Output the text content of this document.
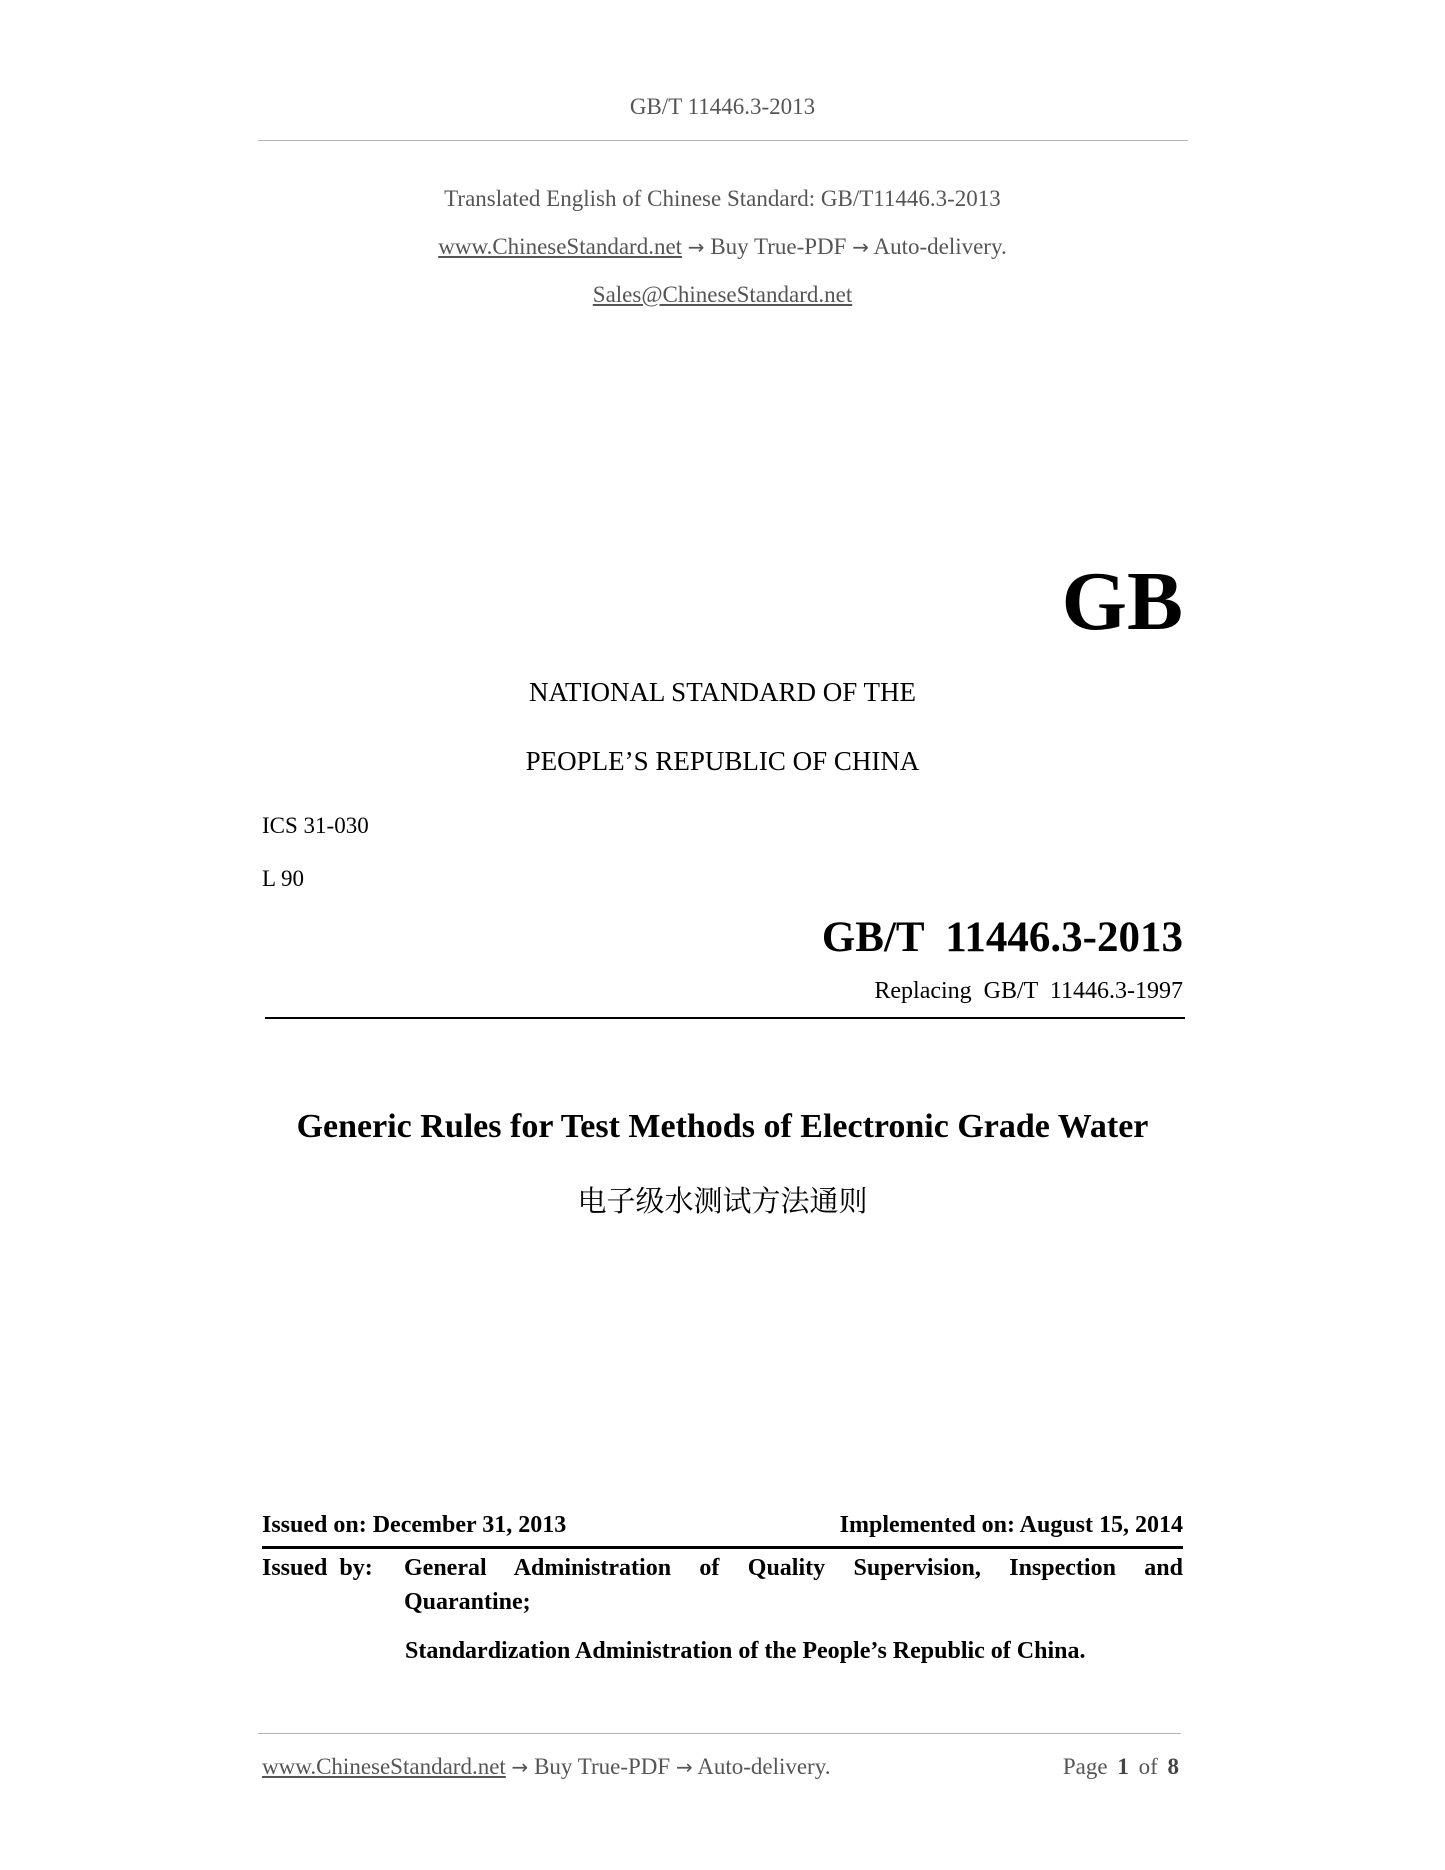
GB/T 11446.3-2013
Translated English of Chinese Standard: GB/T11446.3-2013
www.ChineseStandard.net → Buy True-PDF → Auto-delivery.
Sales@ChineseStandard.net
GB
NATIONAL STANDARD OF THE
PEOPLE’S REPUBLIC OF CHINA
ICS 31-030
L 90
GB/T  11446.3-2013
Replacing  GB/T  11446.3-1997
Generic Rules for Test Methods of Electronic Grade Water
电子级水测试方法通则
Issued on: December 31, 2013	Implemented on: August 15, 2014
Issued by: General Administration of Quality Supervision, Inspection and
Quarantine;
Standardization Administration of the People’s Republic of China.
www.ChineseStandard.net → Buy True-PDF → Auto-delivery.	Page 1 of 8
